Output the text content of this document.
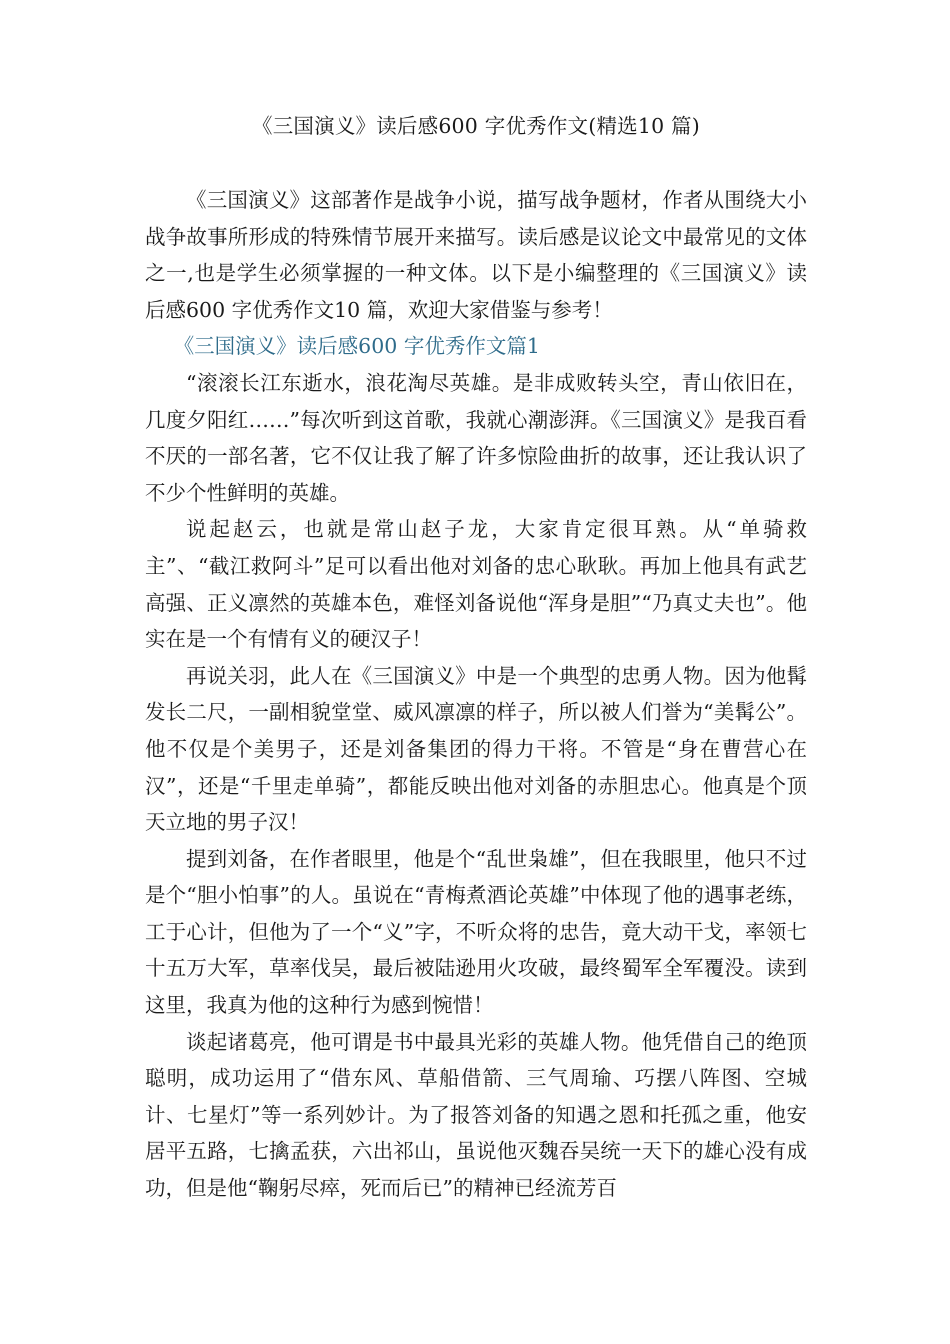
《三国演义》读后感600 字优秀作文(精选10 篇)

《三国演义》这部著作是战争小说，描写战争题材，作者从围绕大小战争故事所形成的特殊情节展开来描写。读后感是议论文中最常见的文体之一,也是学生必须掌握的一种文体。以下是小编整理的《三国演义》读后感600 字优秀作文10 篇，欢迎大家借鉴与参考！

《三国演义》读后感600 字优秀作文篇1

“滚滚长江东逝水，浪花淘尽英雄。是非成败转头空，青山依旧在，几度夕阳红……”每次听到这首歌，我就心潮澎湃。《三国演义》是我百看不厌的一部名著，它不仅让我了解了许多惊险曲折的故事，还让我认识了不少个性鲜明的英雄。

说起赵云，也就是常山赵子龙，大家肯定很耳熟。从“单骑救主”、“截江救阿斗”足可以看出他对刘备的忠心耿耿。再加上他具有武艺高强、正义凛然的英雄本色，难怪刘备说他“浑身是胆”“乃真丈夫也”。他实在是一个有情有义的硬汉子！

再说关羽，此人在《三国演义》中是一个典型的忠勇人物。因为他髯发长二尺，一副相貌堂堂、威风凛凛的样子，所以被人们誉为“美髯公”。他不仅是个美男子，还是刘备集团的得力干将。不管是“身在曹营心在汉”，还是“千里走单骑”，都能反映出他对刘备的赤胆忠心。他真是个顶天立地的男子汉！

提到刘备，在作者眼里，他是个“乱世枭雄”，但在我眼里，他只不过是个“胆小怕事”的人。虽说在“青梅煮酒论英雄”中体现了他的遇事老练，工于心计，但他为了一个“义”字，不听众将的忠告，竟大动干戈，率领七十五万大军，草率伐吴，最后被陆逊用火攻破，最终蜀军全军覆没。读到这里，我真为他的这种行为感到惋惜！

谈起诸葛亮，他可谓是书中最具光彩的英雄人物。他凭借自己的绝顶聪明，成功运用了“借东风、草船借箭、三气周瑜、巧摆八阵图、空城计、七星灯”等一系列妙计。为了报答刘备的知遇之恩和托孤之重，他安居平五路，七擒孟获，六出祁山，虽说他灭魏吞吴统一天下的雄心没有成功，但是他“鞠躬尽瘁，死而后已”的精神已经流芳百
